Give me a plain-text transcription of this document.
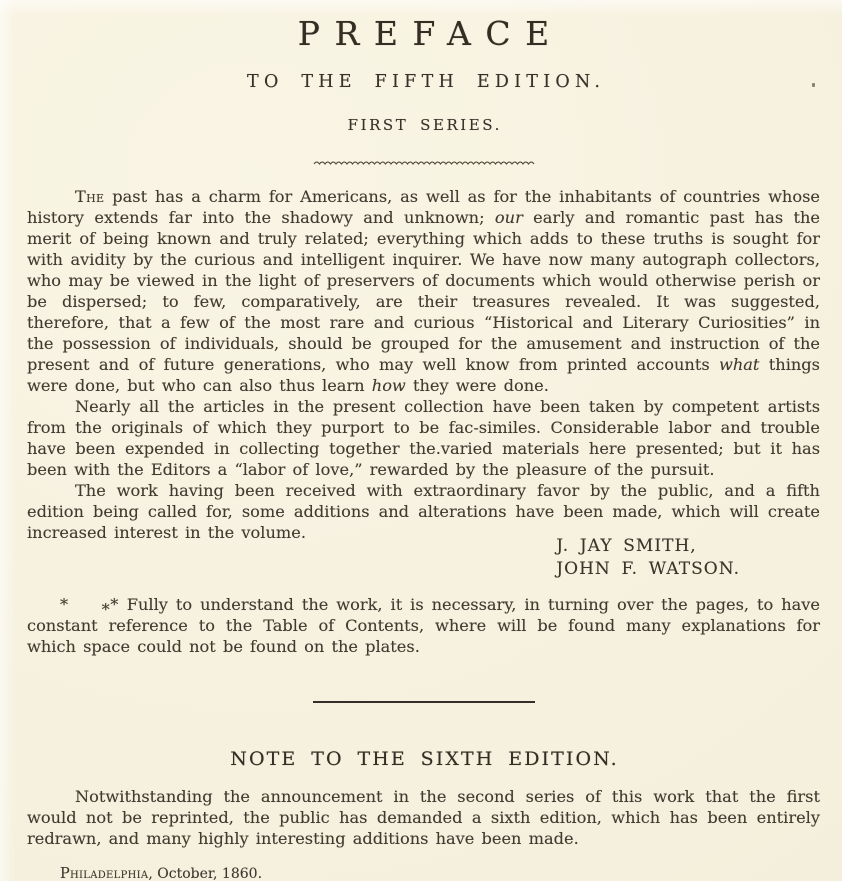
PREFACE
TO THE FIFTH EDITION.
FIRST SERIES.

The past has a charm for Americans, as well as for the inhabitants of countries whose history extends far into the shadowy and unknown; our early and romantic past has the merit of being known and truly related; everything which adds to these truths is sought for with avidity by the curious and intelligent inquirer. We have now many autograph collectors, who may be viewed in the light of preservers of documents which would otherwise perish or be dispersed; to few, comparatively, are their treasures revealed. It was suggested, therefore, that a few of the most rare and curious “Historical and Literary Curiosities” in the possession of individuals, should be grouped for the amusement and instruction of the present and of future generations, who may well know from printed accounts what things were done, but who can also thus learn how they were done.

Nearly all the articles in the present collection have been taken by competent artists from the originals of which they purport to be fac-similes. Considerable labor and trouble have been expended in collecting together the.varied materials here presented; but it has been with the Editors a “labor of love,” rewarded by the pleasure of the pursuit.

The work having been received with extraordinary favor by the public, and a fifth edition being called for, some additions and alterations have been made, which will create increased interest in the volume.

J. JAY SMITH,
JOHN F. WATSON.

* ** Fully to understand the work, it is necessary, in turning over the pages, to have constant reference to the Table of Contents, where will be found many explanations for which space could not be found on the plates.

NOTE TO THE SIXTH EDITION.

Notwithstanding the announcement in the second series of this work that the first would not be reprinted, the public has demanded a sixth edition, which has been entirely redrawn, and many highly interesting additions have been made.

Philadelphia, October, 1860.
